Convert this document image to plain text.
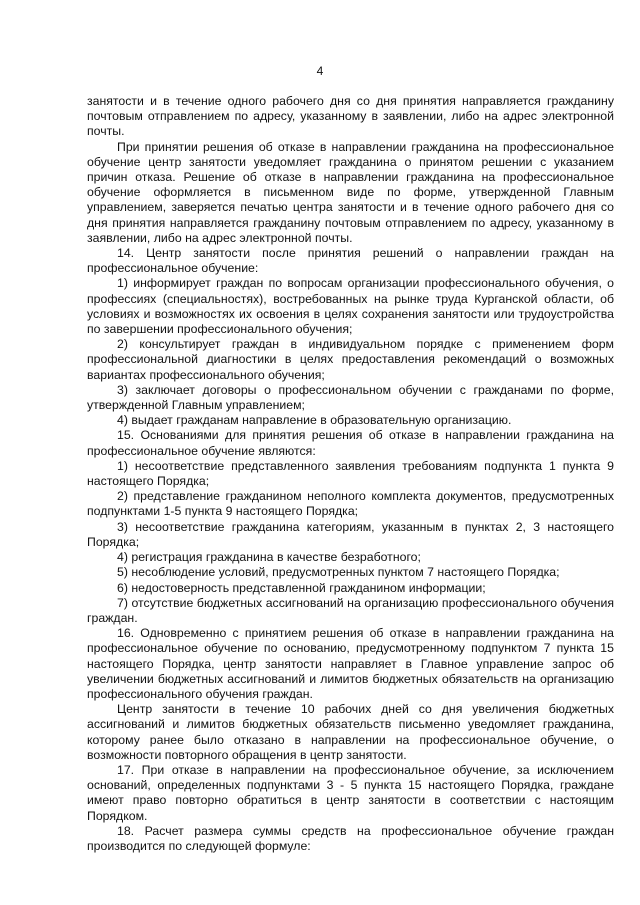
4

занятости и в течение одного рабочего дня со дня принятия направляется гражданину почтовым отправлением по адресу, указанному в заявлении, либо на адрес электронной почты.

При принятии решения об отказе в направлении гражданина на профессиональное обучение центр занятости уведомляет гражданина о принятом решении с указанием причин отказа. Решение об отказе в направлении гражданина на профессиональное обучение оформляется в письменном виде по форме, утвержденной Главным управлением, заверяется печатью центра занятости и в течение одного рабочего дня со дня принятия направляется гражданину почтовым отправлением по адресу, указанному в заявлении, либо на адрес электронной почты.

14. Центр занятости после принятия решений о направлении граждан на профессиональное обучение:

1) информирует граждан по вопросам организации профессионального обучения, о профессиях (специальностях), востребованных на рынке труда Курганской области, об условиях и возможностях их освоения в целях сохранения занятости или трудоустройства по завершении профессионального обучения;

2) консультирует граждан в индивидуальном порядке с применением форм профессиональной диагностики в целях предоставления рекомендаций о возможных вариантах профессионального обучения;

3) заключает договоры о профессиональном обучении с гражданами по форме, утвержденной Главным управлением;

4) выдает гражданам направление в образовательную организацию.

15. Основаниями для принятия решения об отказе в направлении гражданина на профессиональное обучение являются:

1) несоответствие представленного заявления требованиям подпункта 1 пункта 9 настоящего Порядка;

2) представление гражданином неполного комплекта документов, предусмотренных подпунктами 1-5 пункта 9 настоящего Порядка;

3) несоответствие гражданина категориям, указанным в пунктах 2, 3 настоящего Порядка;

4) регистрация гражданина в качестве безработного;

5) несоблюдение условий, предусмотренных пунктом 7 настоящего Порядка;

6) недостоверность представленной гражданином информации;

7) отсутствие бюджетных ассигнований на организацию профессионального обучения граждан.

16. Одновременно с принятием решения об отказе в направлении гражданина на профессиональное обучение по основанию, предусмотренному подпунктом 7 пункта 15 настоящего Порядка, центр занятости направляет в Главное управление запрос об увеличении бюджетных ассигнований и лимитов бюджетных обязательств на организацию профессионального обучения граждан.

Центр занятости в течение 10 рабочих дней со дня увеличения бюджетных ассигнований и лимитов бюджетных обязательств письменно уведомляет гражданина, которому ранее было отказано в направлении на профессиональное обучение, о возможности повторного обращения в центр занятости.

17. При отказе в направлении на профессиональное обучение, за исключением оснований, определенных подпунктами 3 - 5 пункта 15 настоящего Порядка, граждане имеют право повторно обратиться в центр занятости в соответствии с настоящим Порядком.

18. Расчет размера суммы средств на профессиональное обучение граждан производится по следующей формуле:
